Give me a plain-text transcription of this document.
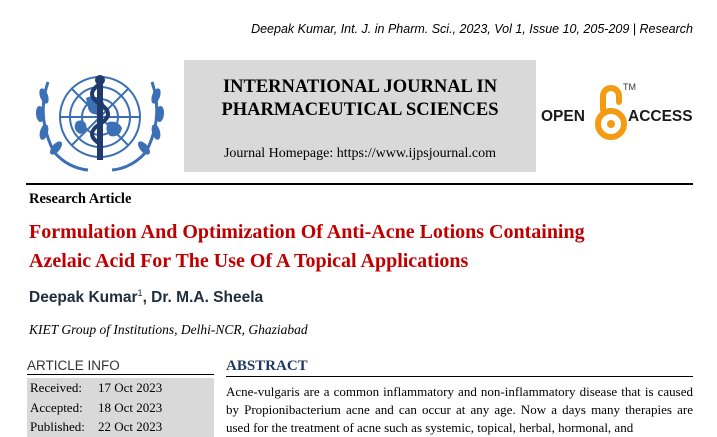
Deepak Kumar, Int. J. in Pharm. Sci., 2023, Vol 1, Issue 10, 205-209 | Research
INTERNATIONAL JOURNAL IN
PHARMACEUTICAL SCIENCES
Journal Homepage: https://www.ijpsjournal.com
OPEN
TM
ACCESS
Research Article
Formulation And Optimization Of Anti-Acne Lotions Containing
Azelaic Acid For The Use Of A Topical Applications
Deepak Kumar$^1$, Dr. M.A. Sheela
KIET Group of Institutions, Delhi-NCR, Ghaziabad
ARTICLE INFO
Received: 17 Oct 2023
Accepted: 18 Oct 2023
Published: 22 Oct 2023
ABSTRACT
Acne-vulgaris are a common inflammatory and non-inflammatory disease that is caused by Propionibacterium acne and can occur at any age. Now a days many therapies are used for the treatment of acne such as systemic, topical, herbal, hormonal, and
